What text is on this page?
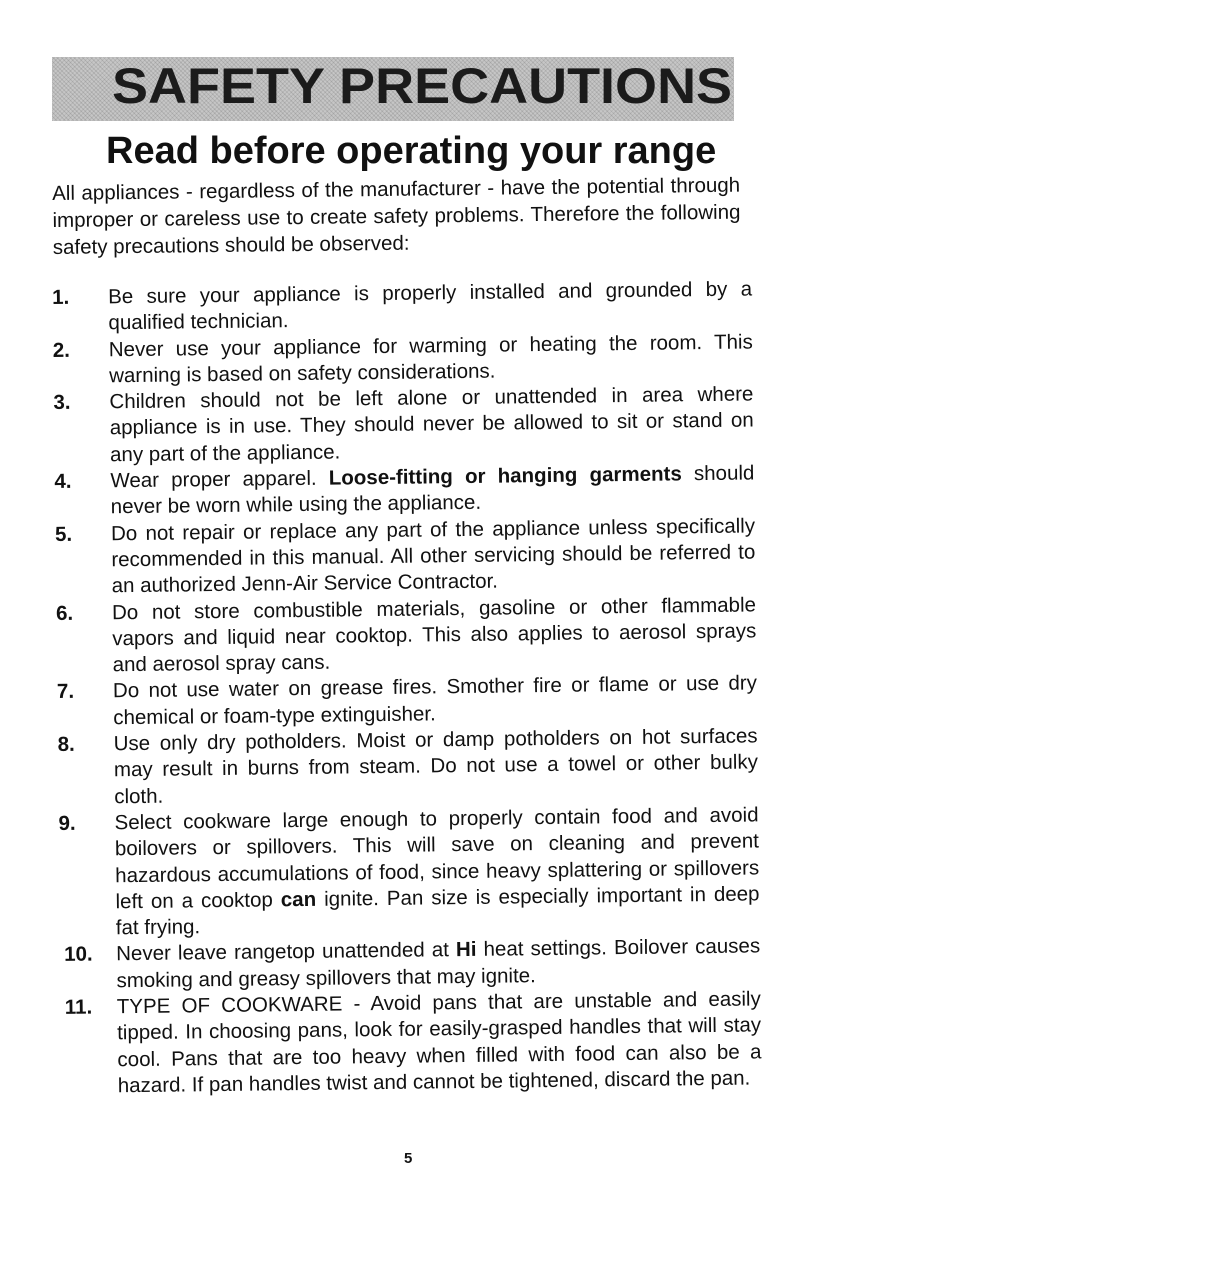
SAFETY PRECAUTIONS
Read before operating your range

All appliances - regardless of the manufacturer - have the potential through improper or careless use to create safety problems. Therefore the following safety precautions should be observed:

1.	Be sure your appliance is properly installed and grounded by a qualified technician.
2.	Never use your appliance for warming or heating the room. This warning is based on safety considerations.
3.	Children should not be left alone or unattended in area where appliance is in use. They should never be allowed to sit or stand on any part of the appliance.
4.	Wear proper apparel. Loose-fitting or hanging garments should never be worn while using the appliance.
5.	Do not repair or replace any part of the appliance unless specifically recommended in this manual. All other servicing should be referred to an authorized Jenn-Air Service Contractor.
6.	Do not store combustible materials, gasoline or other flammable vapors and liquid near cooktop. This also applies to aerosol sprays and aerosol spray cans.
7.	Do not use water on grease fires. Smother fire or flame or use dry chemical or foam-type extinguisher.
8.	Use only dry potholders. Moist or damp potholders on hot surfaces may result in burns from steam. Do not use a towel or other bulky cloth.
9.	Select cookware large enough to properly contain food and avoid boilovers or spillovers. This will save on cleaning and prevent hazardous accumulations of food, since heavy splattering or spillovers left on a cooktop can ignite. Pan size is especially important in deep fat frying.
10.	Never leave rangetop unattended at Hi heat settings. Boilover causes smoking and greasy spillovers that may ignite.
11.	TYPE OF COOKWARE - Avoid pans that are unstable and easily tipped. In choosing pans, look for easily-grasped handles that will stay cool. Pans that are too heavy when filled with food can also be a hazard. If pan handles twist and cannot be tightened, discard the pan.
5
